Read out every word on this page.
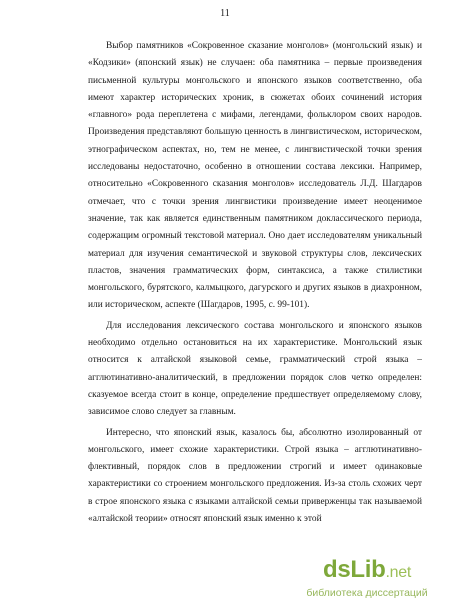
11

Выбор памятников «Сокровенное сказание монголов» (монгольский язык) и «Кодзики» (японский язык) не случаен: оба памятника – первые произведения письменной культуры монгольского и японского языков соответственно, оба имеют характер исторических хроник, в сюжетах обоих сочинений история «главного» рода переплетена с мифами, легендами, фольклором своих народов. Произведения представляют большую ценность в лингвистическом, историческом, этнографическом аспектах, но, тем не менее, с лингвистической точки зрения исследованы недостаточно, особенно в отношении состава лексики. Например, относительно «Сокровенного сказания монголов» исследователь Л.Д. Шагдаров отмечает, что с точки зрения лингвистики произведение имеет неоценимое значение, так как является единственным памятником доклассического периода, содержащим огромный текстовой материал. Оно дает исследователям уникальный материал для изучения семантической и звуковой структуры слов, лексических пластов, значения грамматических форм, синтаксиса, а также стилистики монгольского, бурятского, калмыцкого, дагурского и других языков в диахронном, или историческом, аспекте (Шагдаров, 1995, с. 99-101).

Для исследования лексического состава монгольского и японского языков необходимо отдельно остановиться на их характеристике. Монгольский язык относится к алтайской языковой семье, грамматический строй языка – агглютинативно-аналитический, в предложении порядок слов четко определен: сказуемое всегда стоит в конце, определение предшествует определяемому слову, зависимое слово следует за главным.

Интересно, что японский язык, казалось бы, абсолютно изолированный от монгольского, имеет схожие характеристики. Строй языка – агглютинативно-флективный, порядок слов в предложении строгий и имеет одинаковые характеристики со строением монгольского предложения. Из-за столь схожих черт в строе японского языка с языками алтайской семьи приверженцы так называемой «алтайской теории» относят японский язык именно к этой

dsLib.net
библиотека диссертаций
